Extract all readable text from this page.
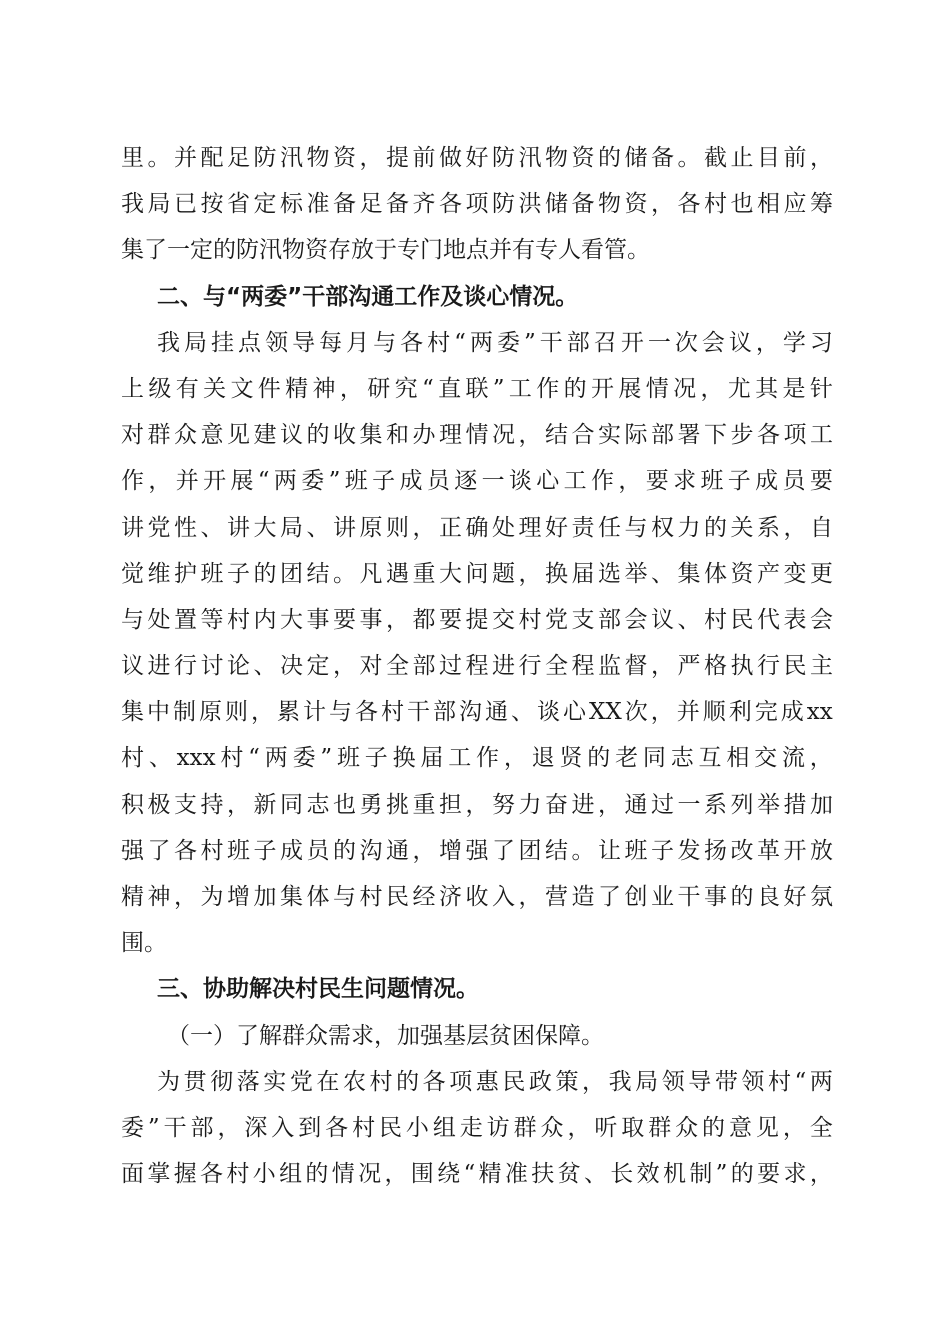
里 。 并 配 足 防 汛 物 资 ， 提 前 做 好 防 汛 物 资 的 储 备 。 截 止 目 前 ，
我 局 已 按 省 定 标 准 备 足 备 齐 各 项 防 洪 储 备 物 资 ， 各 村 也 相 应 筹
集了一定的防汛物资存放于专门地点并有专人看管。
二、与“两委”干部沟通工作及谈心情况。
我 局 挂 点 领 导 每 月 与 各 村 “ 两 委 ” 干 部 召 开 一 次 会 议 ， 学 习
上 级 有 关 文 件 精 神 ， 研 究 “ 直 联 ” 工 作 的 开 展 情 况 ， 尤 其 是 针
对 群 众 意 见 建 议 的 收 集 和 办 理 情 况 ， 结 合 实 际 部 署 下 步 各 项 工
作 ， 并 开 展 “ 两 委 ” 班 子 成 员 逐 一 谈 心 工 作 ， 要 求 班 子 成 员 要
讲 党 性 、 讲 大 局 、 讲 原 则 ， 正 确 处 理 好 责 任 与 权 力 的 关 系 ， 自
觉 维 护 班 子 的 团 结 。 凡 遇 重 大 问 题 ， 换 届 选 举 、 集 体 资 产 变 更
与 处 置 等 村 内 大 事 要 事 ， 都 要 提 交 村 党 支 部 会 议 、 村 民 代 表 会
议 进 行 讨 论 、 决 定 ， 对 全 部 过 程 进 行 全 程 监 督 ， 严 格 执 行 民 主
集 中 制 原 则 ， 累 计 与 各 村 干 部 沟 通 、 谈 心 XX 次 ， 并 顺 利 完 成 xx
村 、 xxx 村 “ 两 委 ” 班 子 换 届 工 作 ， 退 贤 的 老 同 志 互 相 交 流 ，
积 极 支 持 ， 新 同 志 也 勇 挑 重 担 ， 努 力 奋 进 ， 通 过 一 系 列 举 措 加
强 了 各 村 班 子 成 员 的 沟 通 ， 增 强 了 团 结 。 让 班 子 发 扬 改 革 开 放
精 神 ， 为 增 加 集 体 与 村 民 经 济 收 入 ， 营 造 了 创 业 干 事 的 良 好 氛
围。
三、协助解决村民生问题情况。
（一）了解群众需求，加强基层贫困保障。
为 贯 彻 落 实 党 在 农 村 的 各 项 惠 民 政 策 ， 我 局 领 导 带 领 村 “ 两
委 ” 干 部 ， 深 入 到 各 村 民 小 组 走 访 群 众 ， 听 取 群 众 的 意 见 ， 全
面 掌 握 各 村 小 组 的 情 况 ， 围 绕 “ 精 准 扶 贫 、 长 效 机 制 ” 的 要 求 ，
